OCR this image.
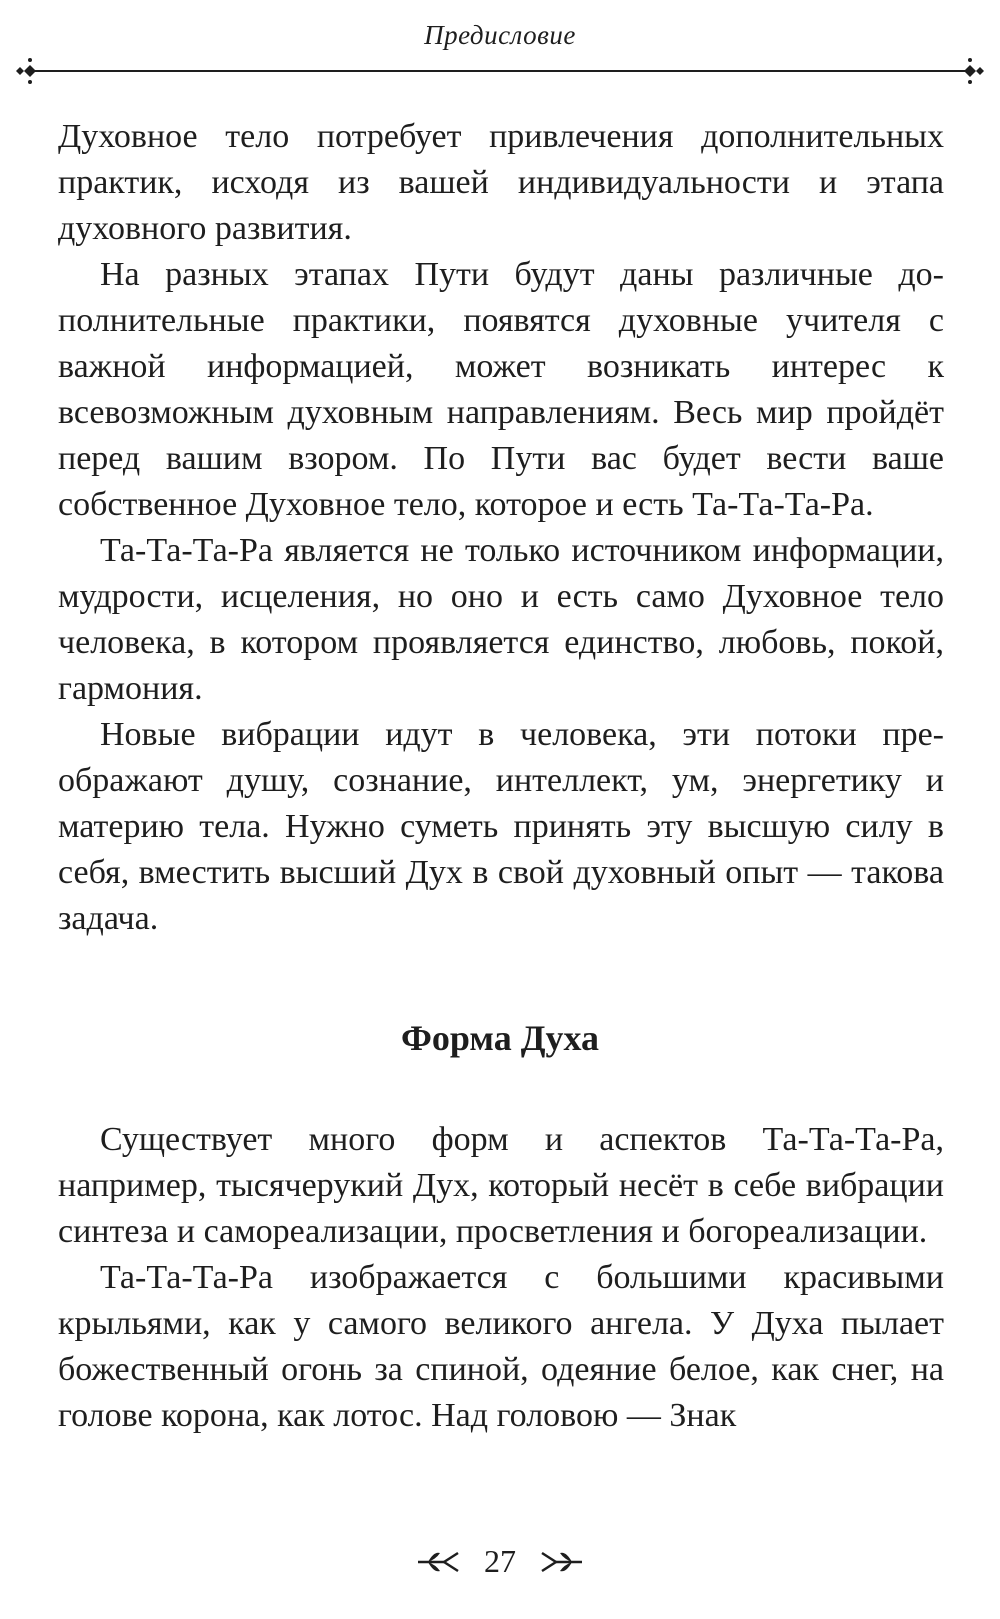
Предисловие

Духовное тело потребует привлечения дополнительных практик, исходя из вашей индивидуальности и этапа духовного развития.

На разных этапах Пути будут даны различные дополнительные практики, появятся духовные учителя с важной информацией, может возникать интерес к всевозможным духовным направлениям. Весь мир пройдёт перед вашим взором. По Пути вас будет вести ваше собственное Духовное тело, которое и есть Та-Та-Та-Ра.

Та-Та-Та-Ра является не только источником информации, мудрости, исцеления, но оно и есть само Духовное тело человека, в котором проявляется единство, любовь, покой, гармония.

Новые вибрации идут в человека, эти потоки преображают душу, сознание, интеллект, ум, энергетику и материю тела. Нужно суметь принять эту высшую силу в себя, вместить высший Дух в свой духовный опыт — такова задача.

Форма Духа

Существует много форм и аспектов Та-Та-Та-Ра, например, тысячерукий Дух, который несёт в себе вибрации синтеза и самореализации, просветления и богореализации.

Та-Та-Та-Ра изображается с большими красивыми крыльями, как у самого великого ангела. У Духа пылает божественный огонь за спиной, одеяние белое, как снег, на голове корона, как лотос. Над головою — Знак

27
